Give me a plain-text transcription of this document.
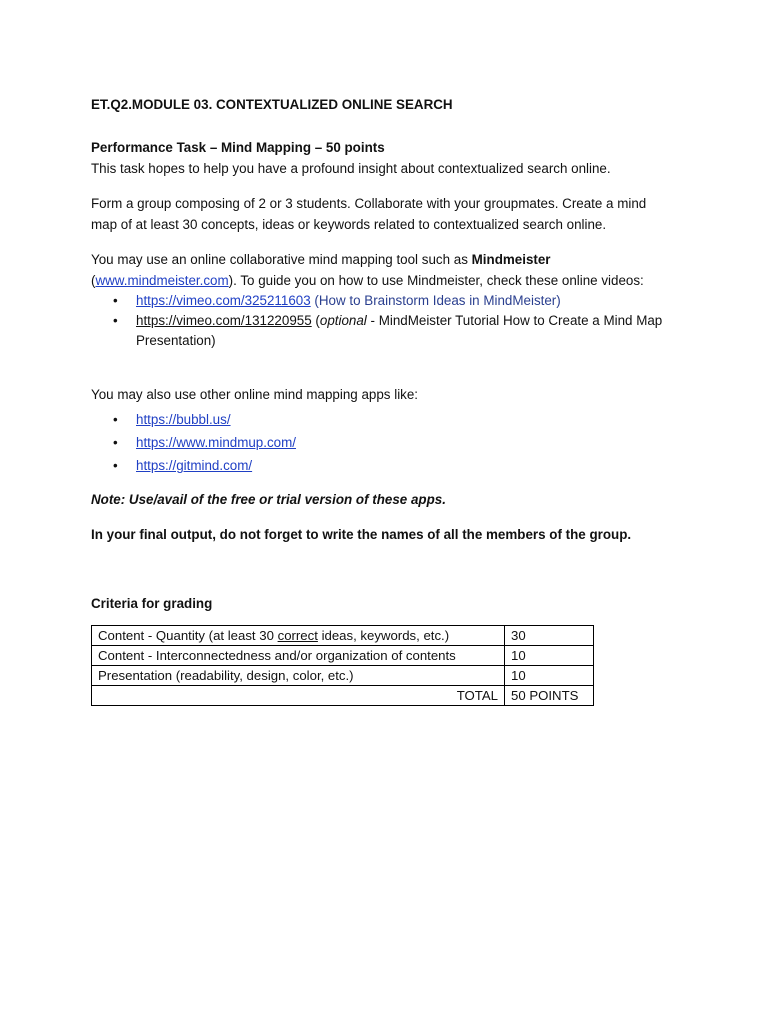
ET.Q2.MODULE 03. CONTEXTUALIZED ONLINE SEARCH

Performance Task – Mind Mapping – 50 points

This task hopes to help you have a profound insight about contextualized search online.

Form a group composing of 2 or 3 students. Collaborate with your groupmates. Create a mind map of at least 30 concepts, ideas or keywords related to contextualized search online.

You may use an online collaborative mind mapping tool such as Mindmeister
(www.mindmeister.com). To guide you on how to use Mindmeister, check these online videos:

• https://vimeo.com/325211603 (How to Brainstorm Ideas in MindMeister)
• https://vimeo.com/131220955 (optional - MindMeister Tutorial How to Create a Mind Map Presentation)

You may also use other online mind mapping apps like:

• https://bubbl.us/
• https://www.mindmup.com/
• https://gitmind.com/

Note: Use/avail of the free or trial version of these apps.

In your final output, do not forget to write the names of all the members of the group.

Criteria for grading

Content - Quantity (at least 30 correct ideas, keywords, etc.)	30
Content - Interconnectedness and/or organization of contents	10
Presentation (readability, design, color, etc.)	10
TOTAL	50 POINTS
